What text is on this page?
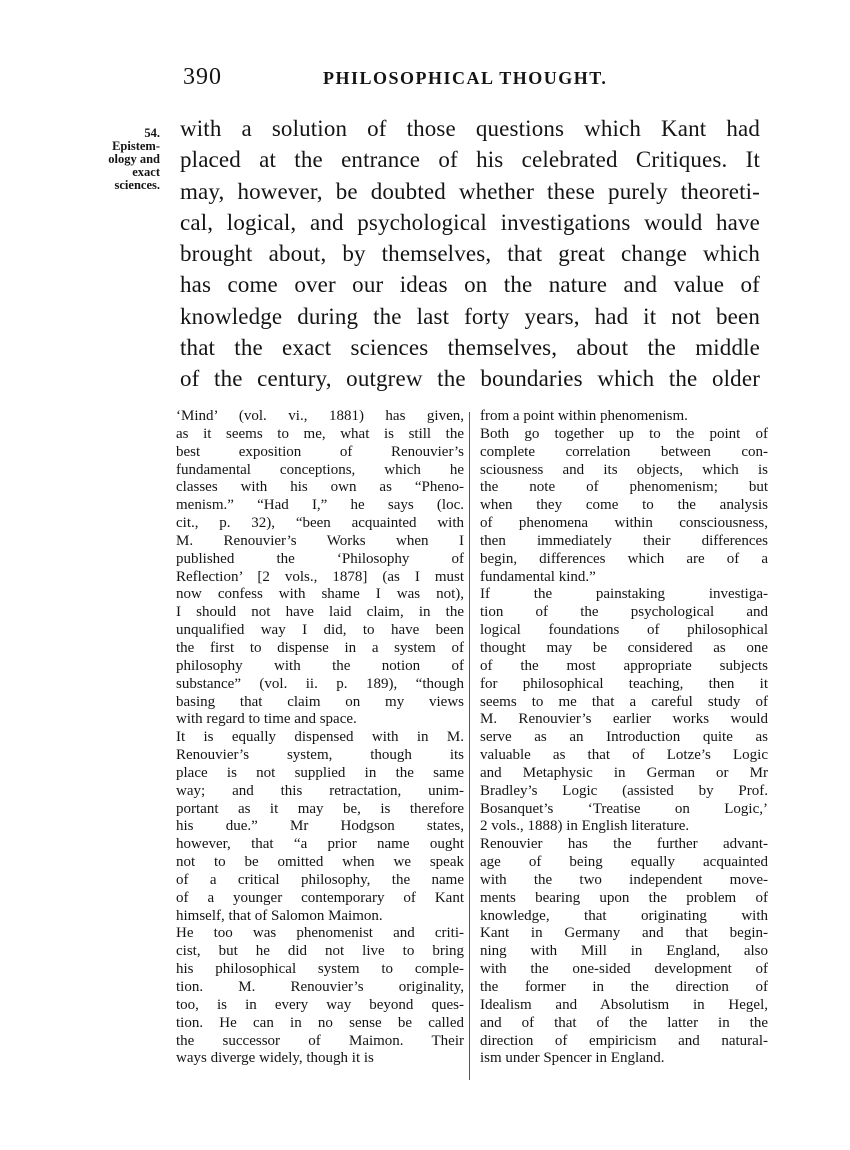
390	PHILOSOPHICAL THOUGHT.
54.
Epistem-
ology and
exact
sciences.
with a solution of those questions which Kant had
placed at the entrance of his celebrated Critiques. It
may, however, be doubted whether these purely theoreti-
cal, logical, and psychological investigations would have
brought about, by themselves, that great change which
has come over our ideas on the nature and value of
knowledge during the last forty years, had it not been
that the exact sciences themselves, about the middle
of the century, outgrew the boundaries which the older
‘Mind’ (vol. vi., 1881) has given,
as it seems to me, what is still the
best exposition of Renouvier’s
fundamental conceptions, which he
classes with his own as “Pheno-
menism.” “Had I,” he says (loc.
cit., p. 32), “been acquainted with
M. Renouvier’s Works when I
published the ‘Philosophy of
Reflection’ [2 vols., 1878] (as I must
now confess with shame I was not),
I should not have laid claim, in the
unqualified way I did, to have been
the first to dispense in a system of
philosophy with the notion of
substance” (vol. ii. p. 189), “though
basing that claim on my views
with regard to time and space.
It is equally dispensed with in M.
Renouvier’s system, though its
place is not supplied in the same
way; and this retractation, unim-
portant as it may be, is therefore
his due.” Mr Hodgson states,
however, that “a prior name ought
not to be omitted when we speak
of a critical philosophy, the name
of a younger contemporary of Kant
himself, that of Salomon Maimon.
He too was phenomenist and criti-
cist, but he did not live to bring
his philosophical system to comple-
tion. M. Renouvier’s originality,
too, is in every way beyond ques-
tion. He can in no sense be called
the successor of Maimon. Their
ways diverge widely, though it is
from a point within phenomenism.
Both go together up to the point of
complete correlation between con-
sciousness and its objects, which is
the note of phenomenism; but
when they come to the analysis
of phenomena within consciousness,
then immediately their differences
begin, differences which are of a
fundamental kind.”
If the painstaking investiga-
tion of the psychological and
logical foundations of philosophical
thought may be considered as one
of the most appropriate subjects
for philosophical teaching, then it
seems to me that a careful study of
M. Renouvier’s earlier works would
serve as an Introduction quite as
valuable as that of Lotze’s Logic
and Metaphysic in German or Mr
Bradley’s Logic (assisted by Prof.
Bosanquet’s ‘Treatise on Logic,’
2 vols., 1888) in English literature.
Renouvier has the further advant-
age of being equally acquainted
with the two independent move-
ments bearing upon the problem of
knowledge, that originating with
Kant in Germany and that begin-
ning with Mill in England, also
with the one-sided development of
the former in the direction of
Idealism and Absolutism in Hegel,
and of that of the latter in the
direction of empiricism and natural-
ism under Spencer in England.
